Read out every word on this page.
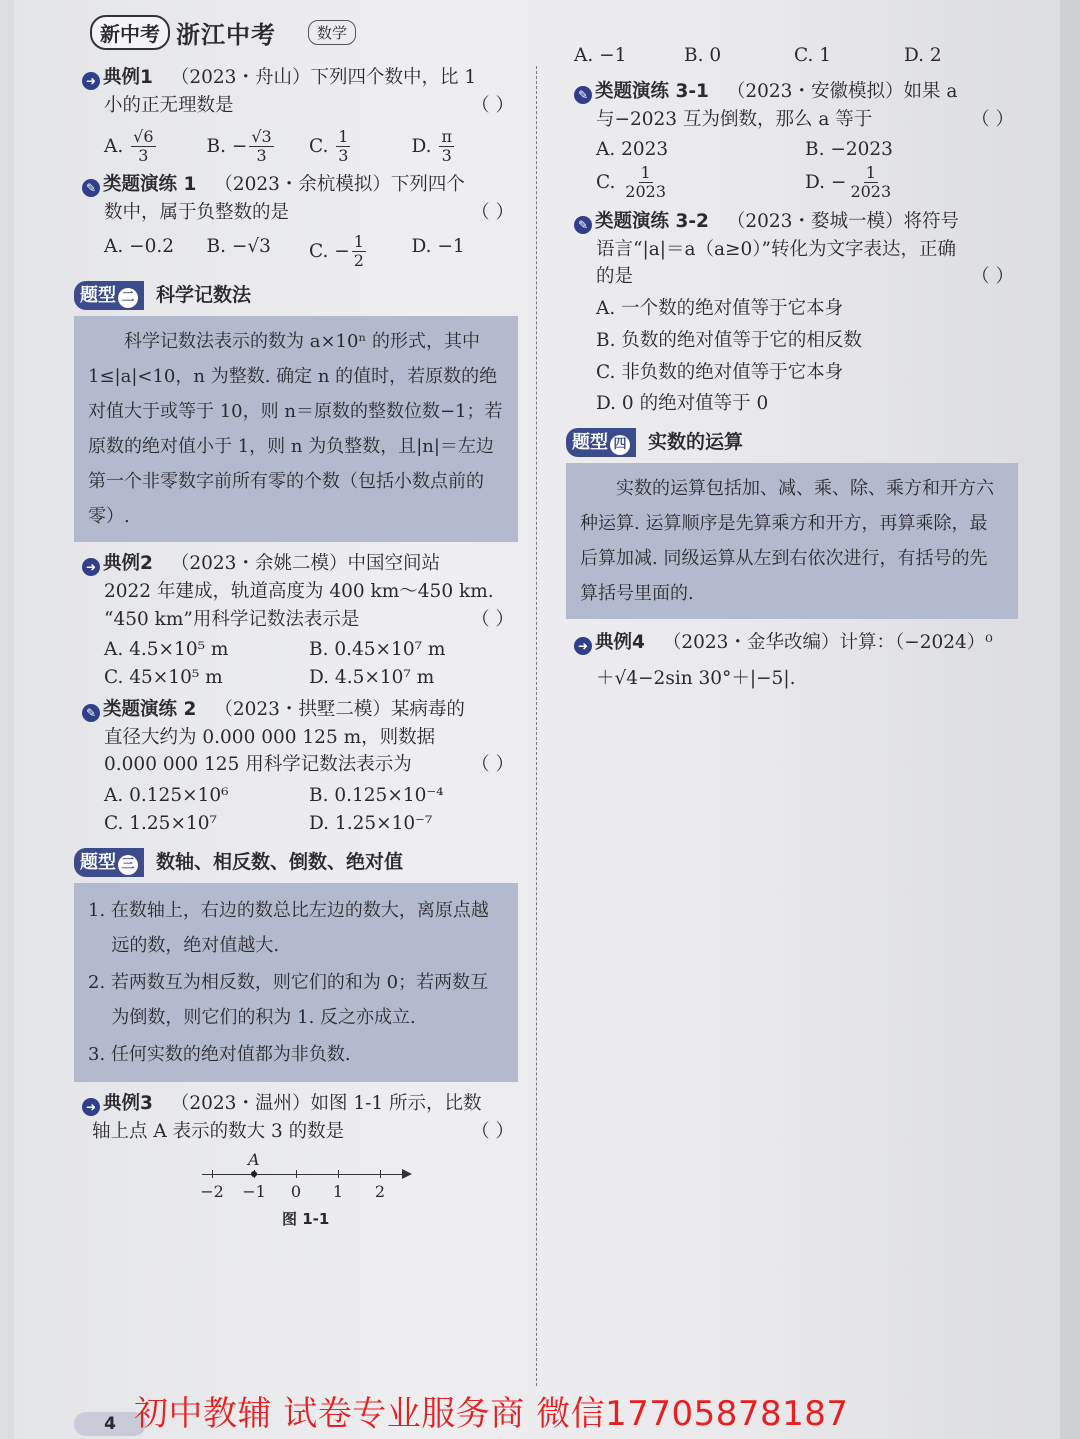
新中考 浙江中考	数学
➜ 典例1 （2023・舟山）下列四个数中，比 1
小的正无理数是	（ ）
A. $\frac{√6}{3}$	B. − $\frac{√3}{3} C$. $\frac{1}{3}$	D. $\frac{\pi}{3}$
✎ 类题演练 1 （2023・余杭模拟）下列四个
数中，属于负整数的是	（ ）
A. −0.2	B. −√3	C. − $\frac{1}{2} D$. −1
题型 二	科学记数法
科学记数法表示的数为 a×10ⁿ 的形式，其中 1≤|a|<10，n 为整数. 确定 n 的值时，若原数的绝对值大于或等于 10，则 n＝原数的整数位数−1；若原数的绝对值小于 1，则 n 为负整数，且|n|＝左边第一个非零数字前所有零的个数（包括小数点前的零）.
➜ 典例2 （2023・余姚二模）中国空间站
2022 年建成，轨道高度为 400 km～450 km.
“450 km”用科学记数法表示是	（ ）
A. 4.5×10⁵ m	B. 0.45×10⁷ m
C. 45×10⁵ m	D. 4.5×10⁷ m
✎ 类题演练 2 （2023・拱墅二模）某病毒的
直径大约为 0.000 000 125 m，则数据
0.000 000 125 用科学记数法表示为	（ ）
A. 0.125×10⁶	B. 0.125×10⁻⁴
C. 1.25×10⁷	D. 1.25×10⁻⁷
题型 三	数轴、相反数、倒数、绝对值

1. 在数轴上，右边的数总比左边的数大，离原点越远的数，绝对值越大.

2. 若两数互为相反数，则它们的和为 0；若两数互为倒数，则它们的积为 1. 反之亦成立.

3. 任何实数的绝对值都为非负数.

➜ 典例3 （2023・温州）如图 1-1 所示，比数
轴上点 A 表示的数大 3 的数是	（ ）
A
−2 −1	0	1	2
图 1-1
A. −1	B. 0	C. 1	D. 2
✎ 类题演练 3-1 （2023・安徽模拟）如果 a
与−2023 互为倒数，那么 a 等于	（ ）
A. 2023	B. −2023
C. $\frac{1}{2023}$	D. − $\frac{1}{2023}$
✎ 类题演练 3-2 （2023・婺城一模）将符号
语言“|a|＝a（a≥0）”转化为文字表达，正确
的是	（ ）
A. 一个数的绝对值等于它本身
B. 负数的绝对值等于它的相反数
C. 非负数的绝对值等于它本身
D. 0 的绝对值等于 0
题型 四	实数的运算
实数的运算包括加、减、乘、除、乘方和开方六种运算. 运算顺序是先算乘方和开方，再算乘除，最后算加减. 同级运算从左到右依次进行，有括号的先算括号里面的.
➜ 典例4 （2023・金华改编）计算：（−2024）⁰
＋√4−2sin 30°＋|−5|.
4 初中教辅 试卷专业服务商 微信17705878187
